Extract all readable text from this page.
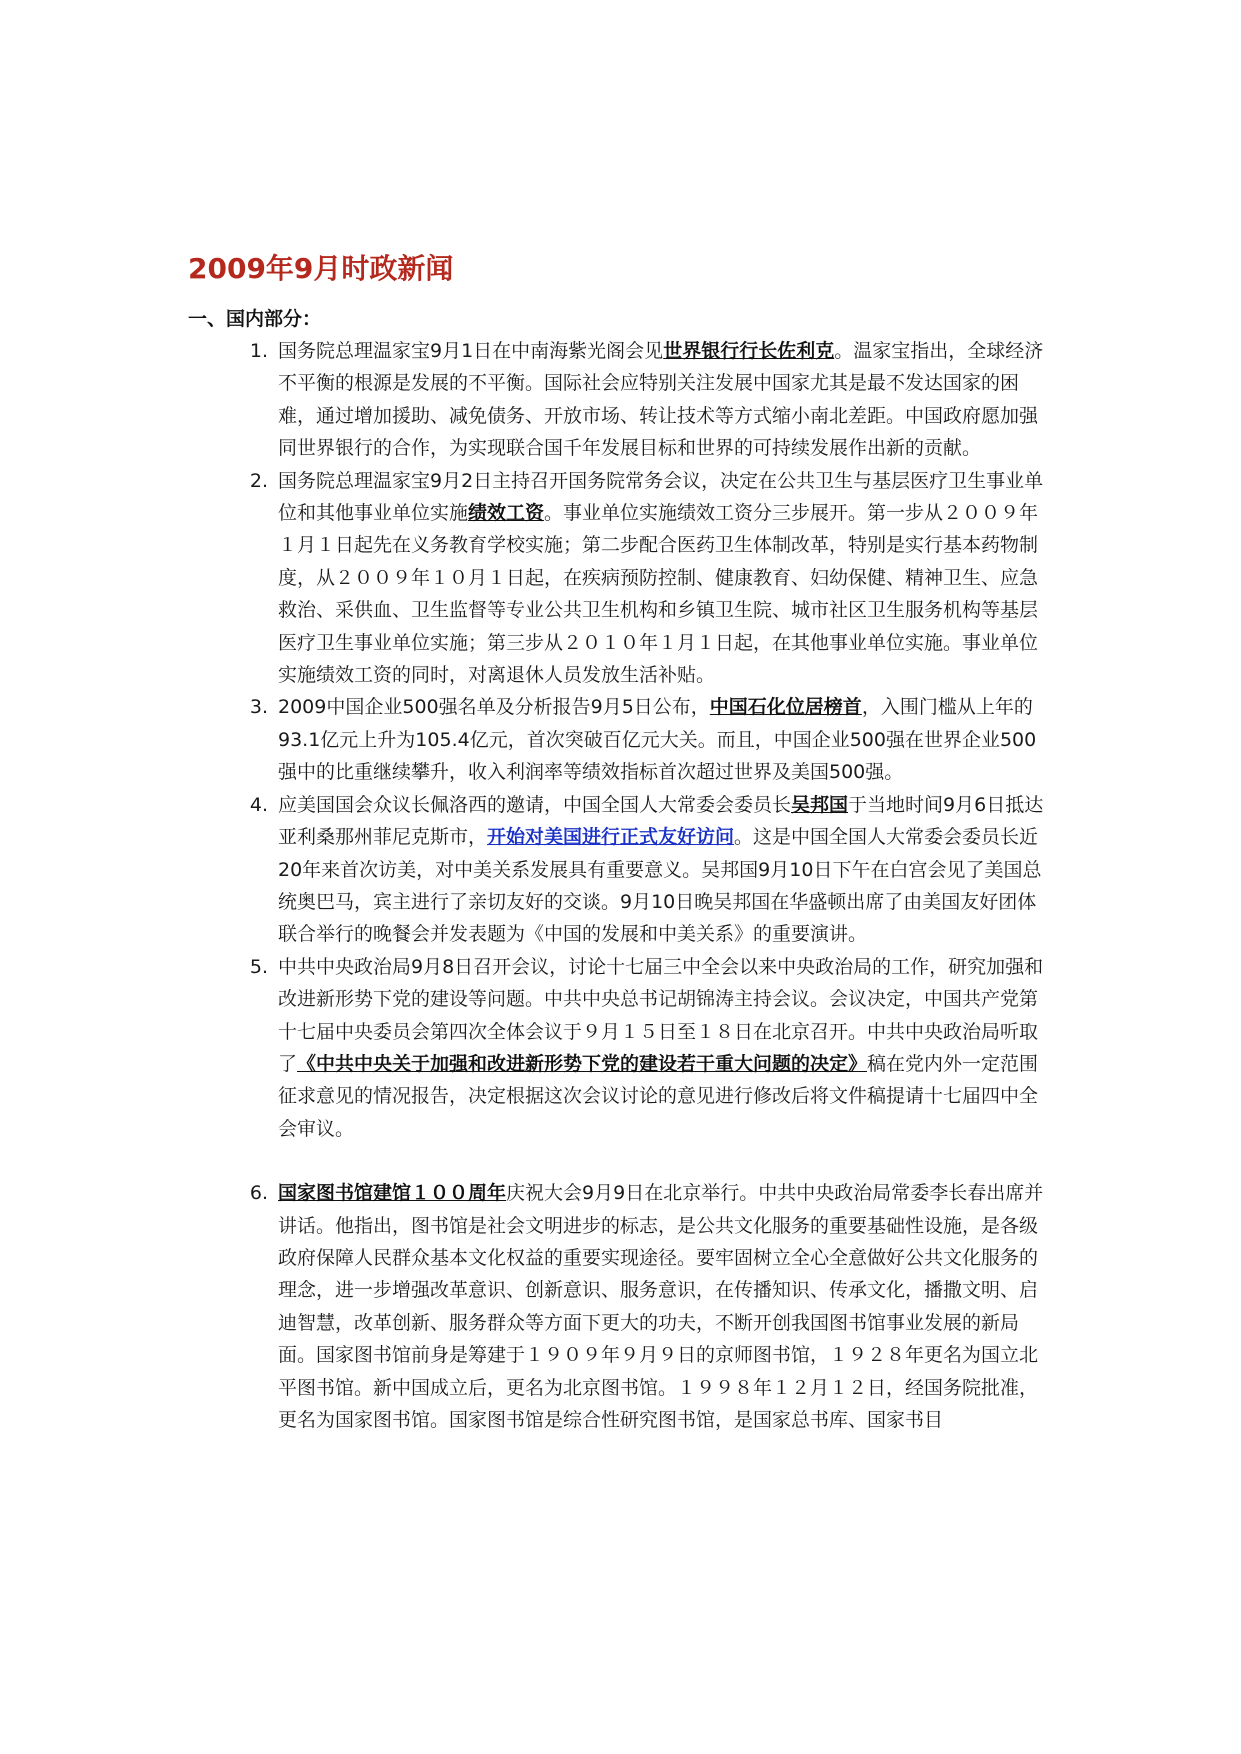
2009年9月时政新闻
一、国内部分：
1. 国务院总理温家宝9月1日在中南海紫光阁会见世界银行行长佐利克。温家宝指出，全球经济不平衡的根源是发展的不平衡。国际社会应特别关注发展中国家尤其是最不发达国家的困难，通过增加援助、减免债务、开放市场、转让技术等方式缩小南北差距。中国政府愿加强同世界银行的合作，为实现联合国千年发展目标和世界的可持续发展作出新的贡献。
2. 国务院总理温家宝9月2日主持召开国务院常务会议，决定在公共卫生与基层医疗卫生事业单位和其他事业单位实施绩效工资。事业单位实施绩效工资分三步展开。第一步从２００９年１月１日起先在义务教育学校实施；第二步配合医药卫生体制改革，特别是实行基本药物制度，从２００９年１０月１日起，在疾病预防控制、健康教育、妇幼保健、精神卫生、应急救治、采供血、卫生监督等专业公共卫生机构和乡镇卫生院、城市社区卫生服务机构等基层医疗卫生事业单位实施；第三步从２０１０年１月１日起，在其他事业单位实施。事业单位实施绩效工资的同时，对离退休人员发放生活补贴。
3. 2009中国企业500强名单及分析报告9月5日公布，中国石化位居榜首，入围门槛从上年的93.1亿元上升为105.4亿元，首次突破百亿元大关。而且，中国企业500强在世界企业500强中的比重继续攀升，收入利润率等绩效指标首次超过世界及美国500强。
4. 应美国国会众议长佩洛西的邀请，中国全国人大常委会委员长吴邦国于当地时间9月6日抵达亚利桑那州菲尼克斯市，开始对美国进行正式友好访问。这是中国全国人大常委会委员长近20年来首次访美，对中美关系发展具有重要意义。吴邦国9月10日下午在白宫会见了美国总统奥巴马，宾主进行了亲切友好的交谈。9月10日晚吴邦国在华盛顿出席了由美国友好团体联合举行的晚餐会并发表题为《中国的发展和中美关系》的重要演讲。
5. 中共中央政治局9月8日召开会议，讨论十七届三中全会以来中央政治局的工作，研究加强和改进新形势下党的建设等问题。中共中央总书记胡锦涛主持会议。会议决定，中国共产党第十七届中央委员会第四次全体会议于９月１５日至１８日在北京召开。中共中央政治局听取了《中共中央关于加强和改进新形势下党的建设若干重大问题的决定》稿在党内外一定范围征求意见的情况报告，决定根据这次会议讨论的意见进行修改后将文件稿提请十七届四中全会审议。
6. 国家图书馆建馆１００周年庆祝大会9月9日在北京举行。中共中央政治局常委李长春出席并讲话。他指出，图书馆是社会文明进步的标志，是公共文化服务的重要基础性设施，是各级政府保障人民群众基本文化权益的重要实现途径。要牢固树立全心全意做好公共文化服务的理念，进一步增强改革意识、创新意识、服务意识，在传播知识、传承文化，播撒文明、启迪智慧，改革创新、服务群众等方面下更大的功夫，不断开创我国图书馆事业发展的新局面。国家图书馆前身是筹建于１９０９年９月９日的京师图书馆，１９２８年更名为国立北平图书馆。新中国成立后，更名为北京图书馆。１９９８年１２月１２日，经国务院批准，更名为国家图书馆。国家图书馆是综合性研究图书馆，是国家总书库、国家书目
